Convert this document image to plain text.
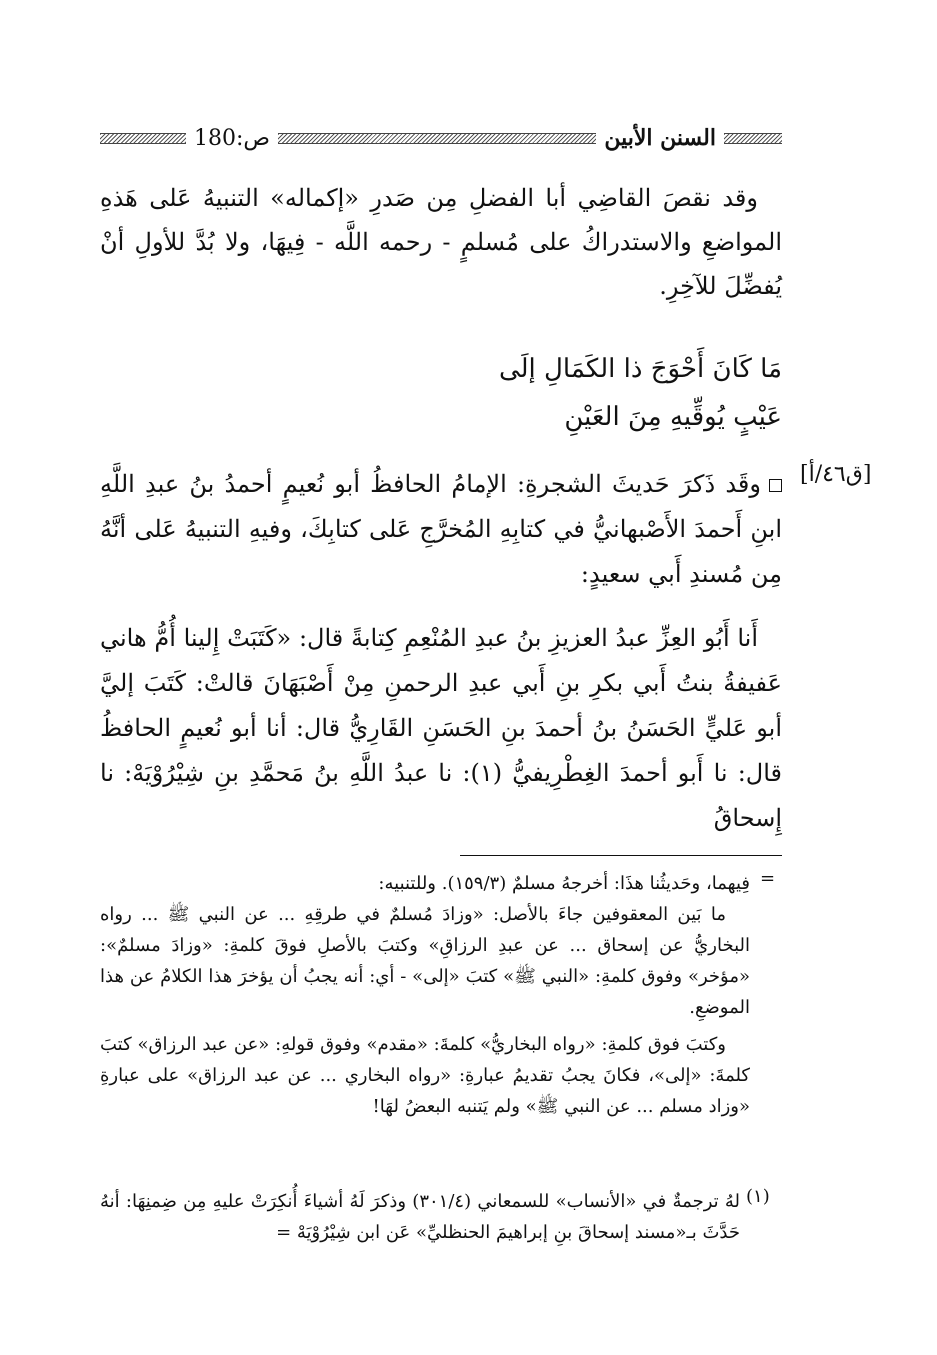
السنن الأبين
ص:180

وقد نقصَ القاضِي أبا الفضلِ مِن صَدرِ «إكماله» التنبيهُ عَلى هَذهِ المواضعِ والاستدراكُ على مُسلمٍ - رحمه اللَّه - فِيهَا، ولا بُدَّ للأولِ أنْ يُفضِّلَ للآخِرِ.

مَا كَانَ أَحْوَجَ ذا الكَمَالِ إلَى
عَيْبٍ يُوقِّيهِ مِنَ العَيْنِ
[ق٤٦/أ]

وقَد ذَكرَ حَديثَ الشجرةِ: الإمامُ الحافظُ أبو نُعيمٍ أحمدُ بنُ عبدِ اللَّهِ ابنِ أَحمدَ الأَصْبهانيُّ في كتابِهِ المُخرَّجِ عَلى كتابِكَ، وفيهِ التنبيهُ عَلى أنَّهُ مِن مُسندِ أَبي سعيدٍ:

أَنا أَبُو العِزِّ عبدُ العزيزِ بنُ عبدِ المُنْعِمِ كِتابةً قال: «كَتَبَتْ إِلينا أُمُّ هاني عَفيفةُ بنتُ أَبي بكرِ بنِ أَبي عبدِ الرحمنِ مِنْ أَصْبَهَانَ قالتْ: كَتَبَ إليَّ أبو عَليٍّ الحَسَنُ بنُ أحمدَ بنِ الحَسَنِ القَارِيُّ قال: أنا أبو نُعيمٍ الحافظُ قال: نا أَبو أحمدَ الغِطْرِيفيُّ (١): نا عبدُ اللَّهِ بنُ مَحمَّدِ بنِ شِيْرُوْيَهْ: نا إِسحاقُ

=

فِيهما، وحَديثُنا هذَا: أخرجهُ مسلمٌ (١٥٩/٣). وللتنبيه:

ما بَين المعقوفين جاءَ بالأصل: «وزادَ مُسلمٌ في طرقِهِ ... عن النبي ﷺ ... رواه البخاريُّ عن إسحاق ... عن عبدِ الرزاقِ» وكتبَ بالأصلِ فوقَ كلمةِ: «وزادَ مسلمٌ»: «مؤخر» وفوق كلمةِ: «النبي ﷺ» كتبَ «إلى» - أي: أنه يجبُ أن يؤخرَ هذا الكلامُ عن هذا الموضعِ.

وكتبَ فوق كلمةِ: «رواه البخاريُّ» كلمةَ: «مقدم» وفوق قولهِ: «عن عبد الرزاق» كتبَ كلمةَ: «إلى»، فكانَ يجبُ تقديمُ عبارةِ: «رواه البخاري ... عن عبد الرزاق» على عبارةِ «وزاد مسلم ... عن النبي ﷺ» ولم يَتنبه البعضُ لهَا!

(١)

لهُ ترجمةٌ في «الأنساب» للسمعاني (٣٠١/٤) وذكرَ لَهُ أشياءَ أُنكِرَتْ عليهِ مِن ضِمنِهَا: أنهُ حَدَّثَ بـ«مسند إسحاقَ بنِ إبراهيمَ الحنظليِّ» عَن ابن شِيْرُوْيَهْ =
